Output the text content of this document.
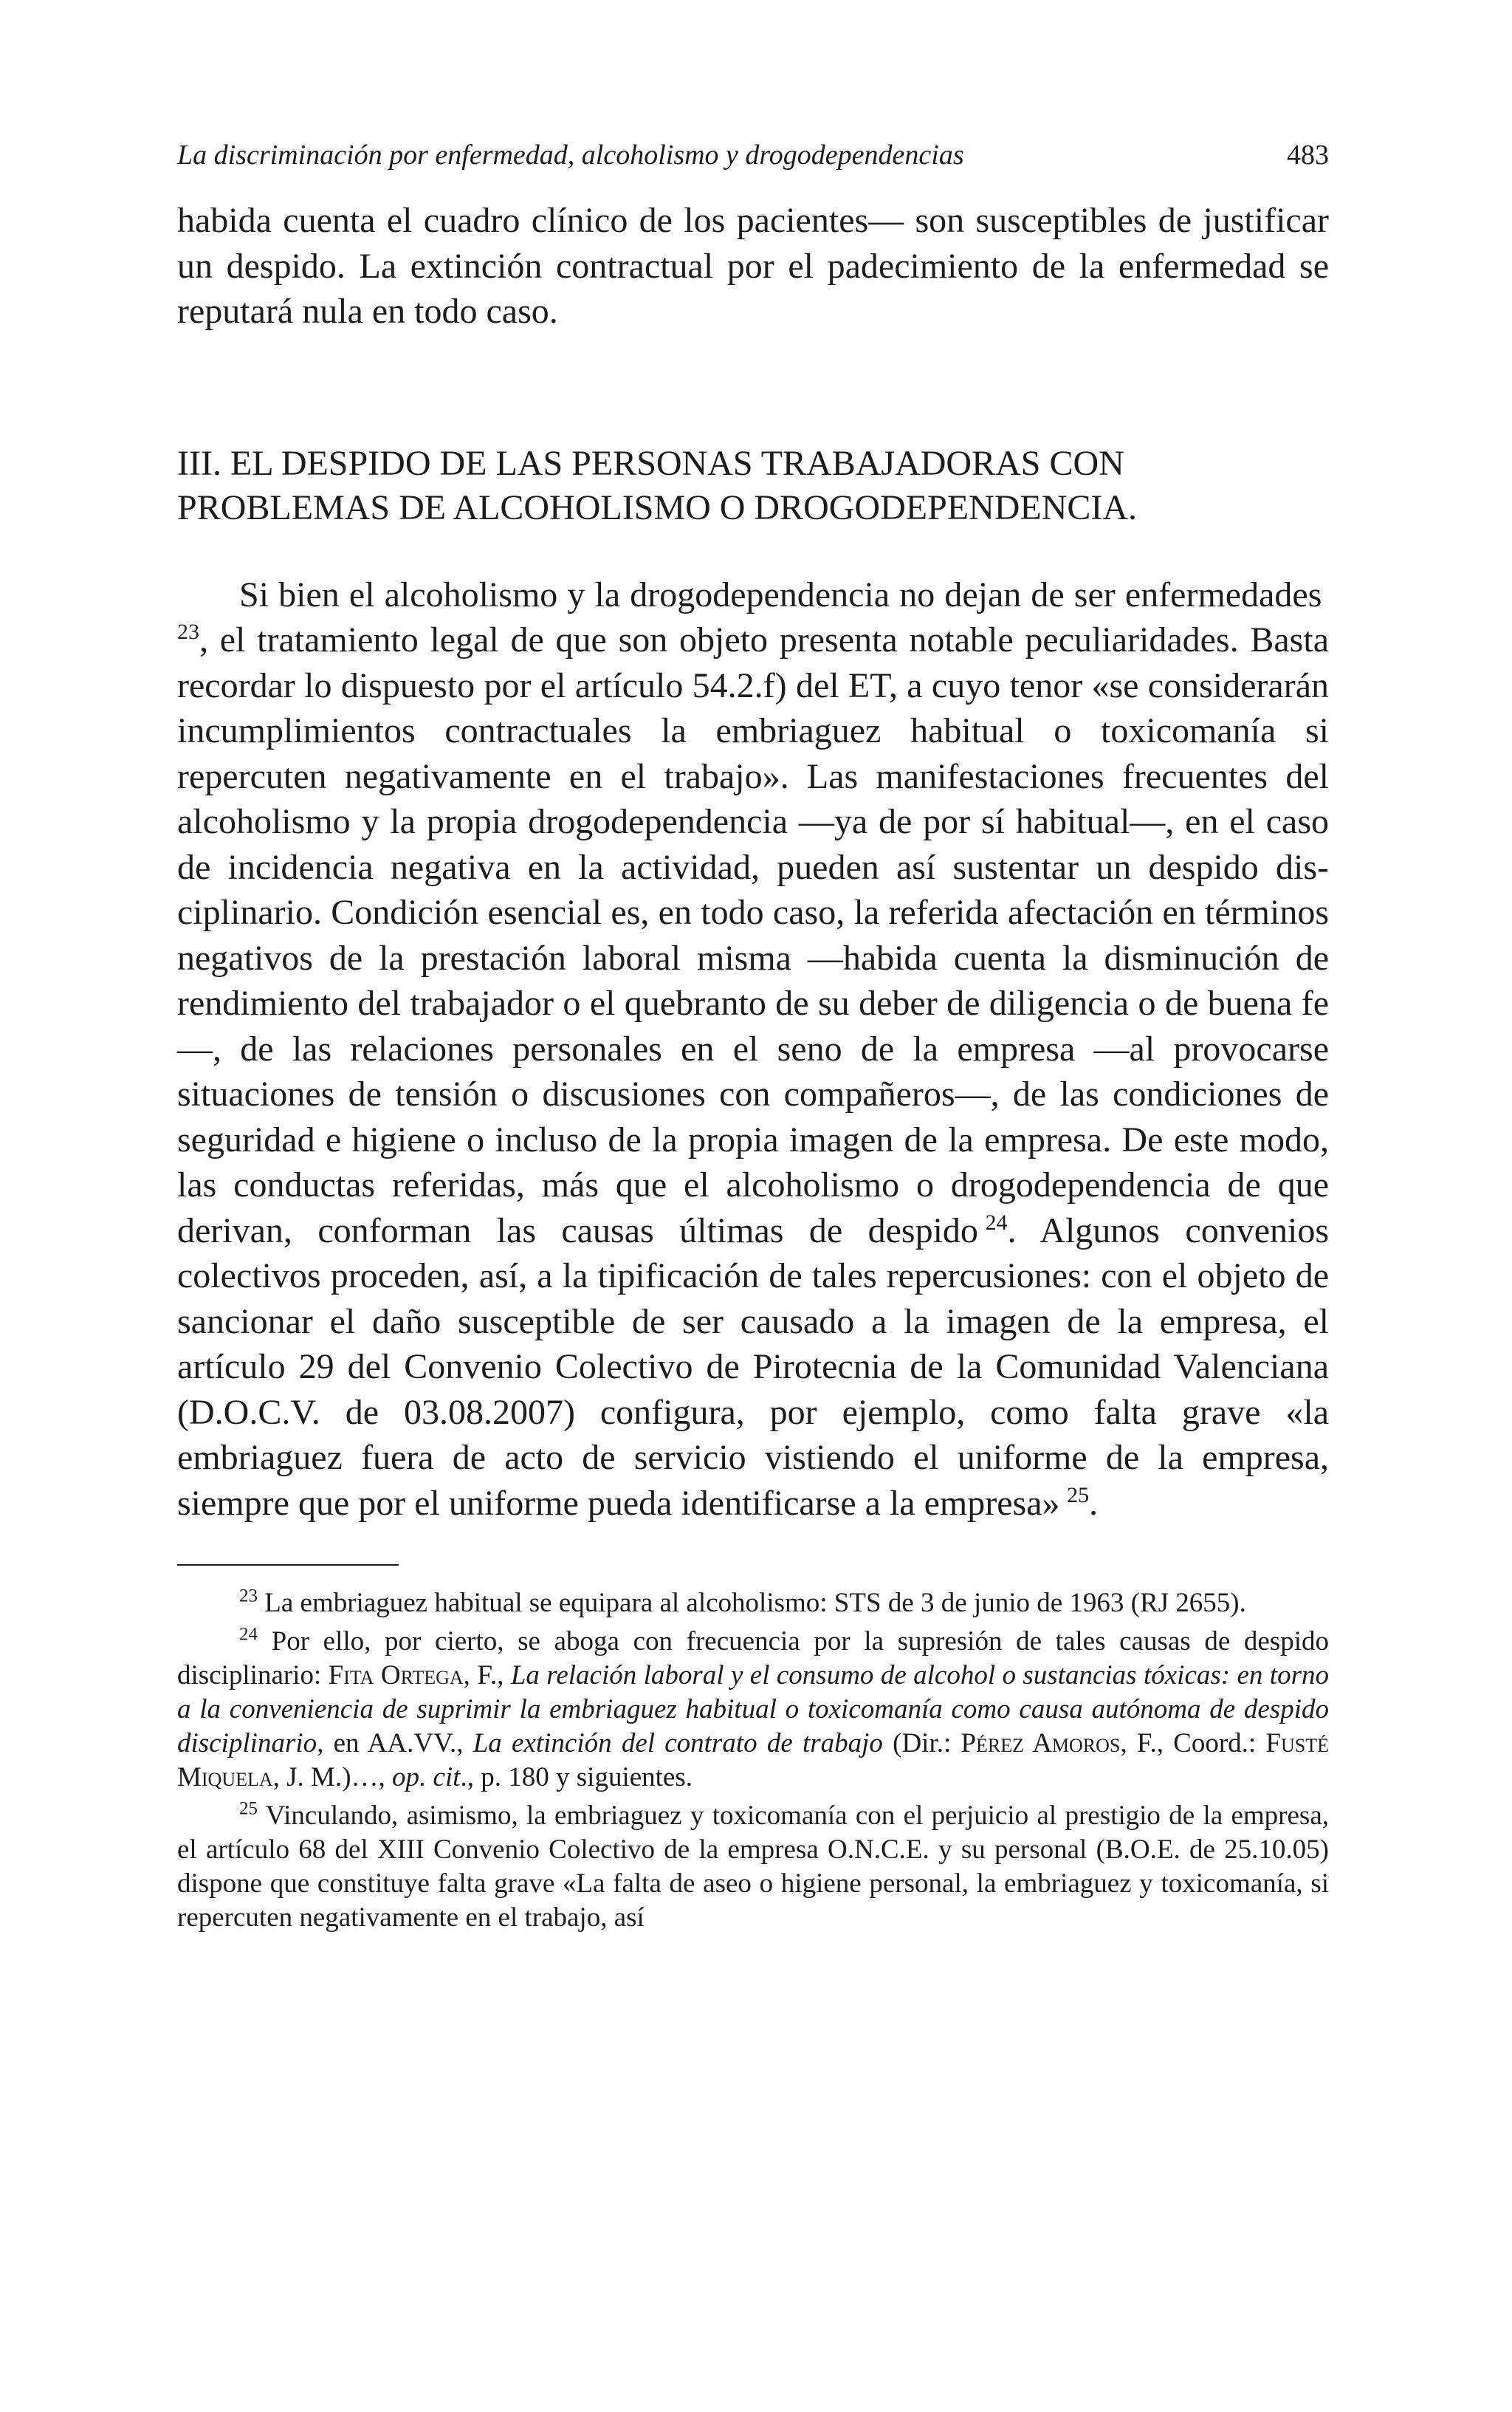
La discriminación por enfermedad, alcoholismo y drogodependencias	483

habida cuenta el cuadro clínico de los pacientes— son susceptibles de justificar un despido. La extinción contractual por el padecimiento de la enfermedad se reputará nula en todo caso.

III. EL DESPIDO DE LAS PERSONAS TRABAJADORAS CON
PROBLEMAS DE ALCOHOLISMO O DROGODEPENDENCIA.

Si bien el alcoholismo y la drogodependencia no dejan de ser enfermedades $^{23}$, el tratamiento legal de que son objeto presenta notable peculiaridades. Basta recordar lo dispuesto por el artículo 54.2.f) del ET, a cuyo tenor «se considerarán incumplimientos contractuales la embriaguez habitual o toxicomanía si repercuten negativamente en el trabajo». Las manifestaciones frecuentes del alcoholismo y la propia drogodependencia —ya de por sí habitual—, en el caso de incidencia negativa en la actividad, pueden así sustentar un despido disciplinario. Condición esencial es, en todo caso, la referida afectación en términos negativos de la prestación laboral misma —habida cuenta la disminución de rendimiento del trabajador o el quebranto de su deber de diligencia o de buena fe—, de las relaciones personales en el seno de la empresa —al provocarse situaciones de tensión o discusiones con compañeros—, de las condiciones de seguridad e higiene o incluso de la propia imagen de la empresa. De este modo, las conductas referidas, más que el alcoholismo o drogodependencia de que derivan, conforman las causas últimas de despido  $^{24}$. Algunos convenios colectivos proceden, así, a la tipificación de tales repercusiones: con el objeto de sancionar el daño susceptible de ser causado a la imagen de la empresa, el artículo 29 del Convenio Colectivo de Pirotecnia de la Comunidad Valenciana (D.O.C.V. de 03.08.2007) configura, por ejemplo, como falta grave «la embriaguez fuera de acto de servicio vistiendo el uniforme de la empresa, siempre que por el uniforme pueda identificarse a la empresa»  $^{25}$.

$^{23}$ La embriaguez habitual se equipara al alcoholismo: STS de 3 de junio de 1963 (RJ 2655).

$^{24}$ Por ello, por cierto, se aboga con frecuencia por la supresión de tales causas de despido disciplinario: Fita Ortega, F., La relación laboral y el consumo de alcohol o sustancias tóxicas: en torno a la conveniencia de suprimir la embriaguez habitual o toxicomanía como causa autónoma de despido disciplinario, en AA.VV., La extinción del contrato de trabajo (Dir.: Pérez Amoros, F., Coord.: Fusté Miquela, J. M.)…, op. cit., p. 180 y siguientes.

$^{25}$ Vinculando, asimismo, la embriaguez y toxicomanía con el perjuicio al prestigio de la empresa, el artículo 68 del XIII Convenio Colectivo de la empresa O.N.C.E. y su personal (B.O.E. de 25.10.05) dispone que constituye falta grave «La falta de aseo o higiene personal, la embriaguez y toxicomanía, si repercuten negativamente en el trabajo, así
